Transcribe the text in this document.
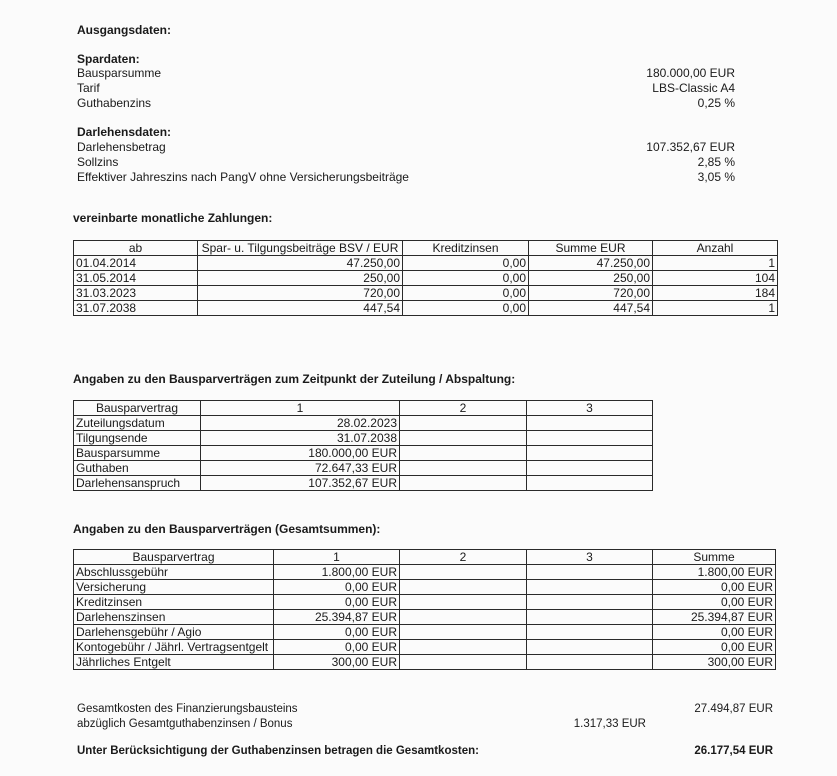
Ausgangsdaten:
Spardaten:
Bausparsumme	180.000,00 EUR
Tarif	LBS-Classic A4
Guthabenzins	0,25 %
Darlehensdaten:
Darlehensbetrag	107.352,67 EUR
Sollzins	2,85 %
Effektiver Jahreszins nach PangV ohne Versicherungsbeiträge	3,05 %
vereinbarte monatliche Zahlungen:
ab	Spar- u. Tilgungsbeiträge BSV / EUR	Kreditzinsen	Summe EUR	Anzahl
01.04.2014	47.250,00	0,00	47.250,00	1
31.05.2014	250,00	0,00	250,00	104
31.03.2023	720,00	0,00	720,00	184
31.07.2038	447,54	0,00	447,54	1
Angaben zu den Bausparverträgen zum Zeitpunkt der Zuteilung / Abspaltung:
Bausparvertrag	1	2	3
Zuteilungsdatum	28.02.2023		
Tilgungsende	31.07.2038		
Bausparsumme	180.000,00 EUR		
Guthaben	72.647,33 EUR		
Darlehensanspruch	107.352,67 EUR		
Angaben zu den Bausparverträgen (Gesamtsummen):
Bausparvertrag	1	2	3	Summe
Abschlussgebühr	1.800,00 EUR			1.800,00 EUR
Versicherung	0,00 EUR			0,00 EUR
Kreditzinsen	0,00 EUR			0,00 EUR
Darlehenszinsen	25.394,87 EUR			25.394,87 EUR
Darlehensgebühr / Agio	0,00 EUR			0,00 EUR
Kontogebühr / Jährl. Vertragsentgelt	0,00 EUR			0,00 EUR
Jährliches Entgelt	300,00 EUR			300,00 EUR
Gesamtkosten des Finanzierungsbausteins	27.494,87 EUR
abzüglich Gesamtguthabenzinsen / Bonus	1.317,33 EUR
Unter Berücksichtigung der Guthabenzinsen betragen die Gesamtkosten:	26.177,54 EUR
